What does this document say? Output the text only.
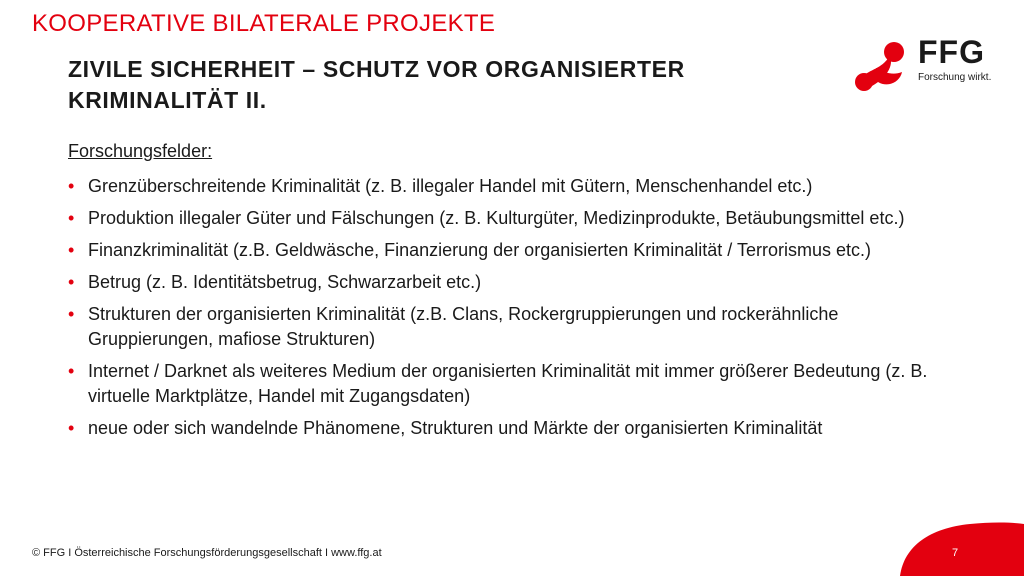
KOOPERATIVE BILATERALE PROJEKTE
ZIVILE SICHERHEIT – SCHUTZ VOR ORGANISIERTER KRIMINALITÄT II.
FFG
Forschung wirkt.
Forschungsfelder:
• Grenzüberschreitende Kriminalität (z. B. illegaler Handel mit Gütern, Menschenhandel etc.)
• Produktion illegaler Güter und Fälschungen (z. B. Kulturgüter, Medizinprodukte, Betäubungsmittel etc.)
• Finanzkriminalität (z.B. Geldwäsche, Finanzierung der organisierten Kriminalität / Terrorismus etc.)
• Betrug (z. B. Identitätsbetrug, Schwarzarbeit etc.)
• Strukturen der organisierten Kriminalität (z.B. Clans, Rockergruppierungen und rockerähnliche Gruppierungen, mafiose Strukturen)
• Internet / Darknet als weiteres Medium der organisierten Kriminalität mit immer größerer Bedeutung (z. B. virtuelle Marktplätze, Handel mit Zugangsdaten)
• neue oder sich wandelnde Phänomene, Strukturen und Märkte der organisierten Kriminalität
© FFG I Österreichische Forschungsförderungsgesellschaft I www.ffg.at	7
